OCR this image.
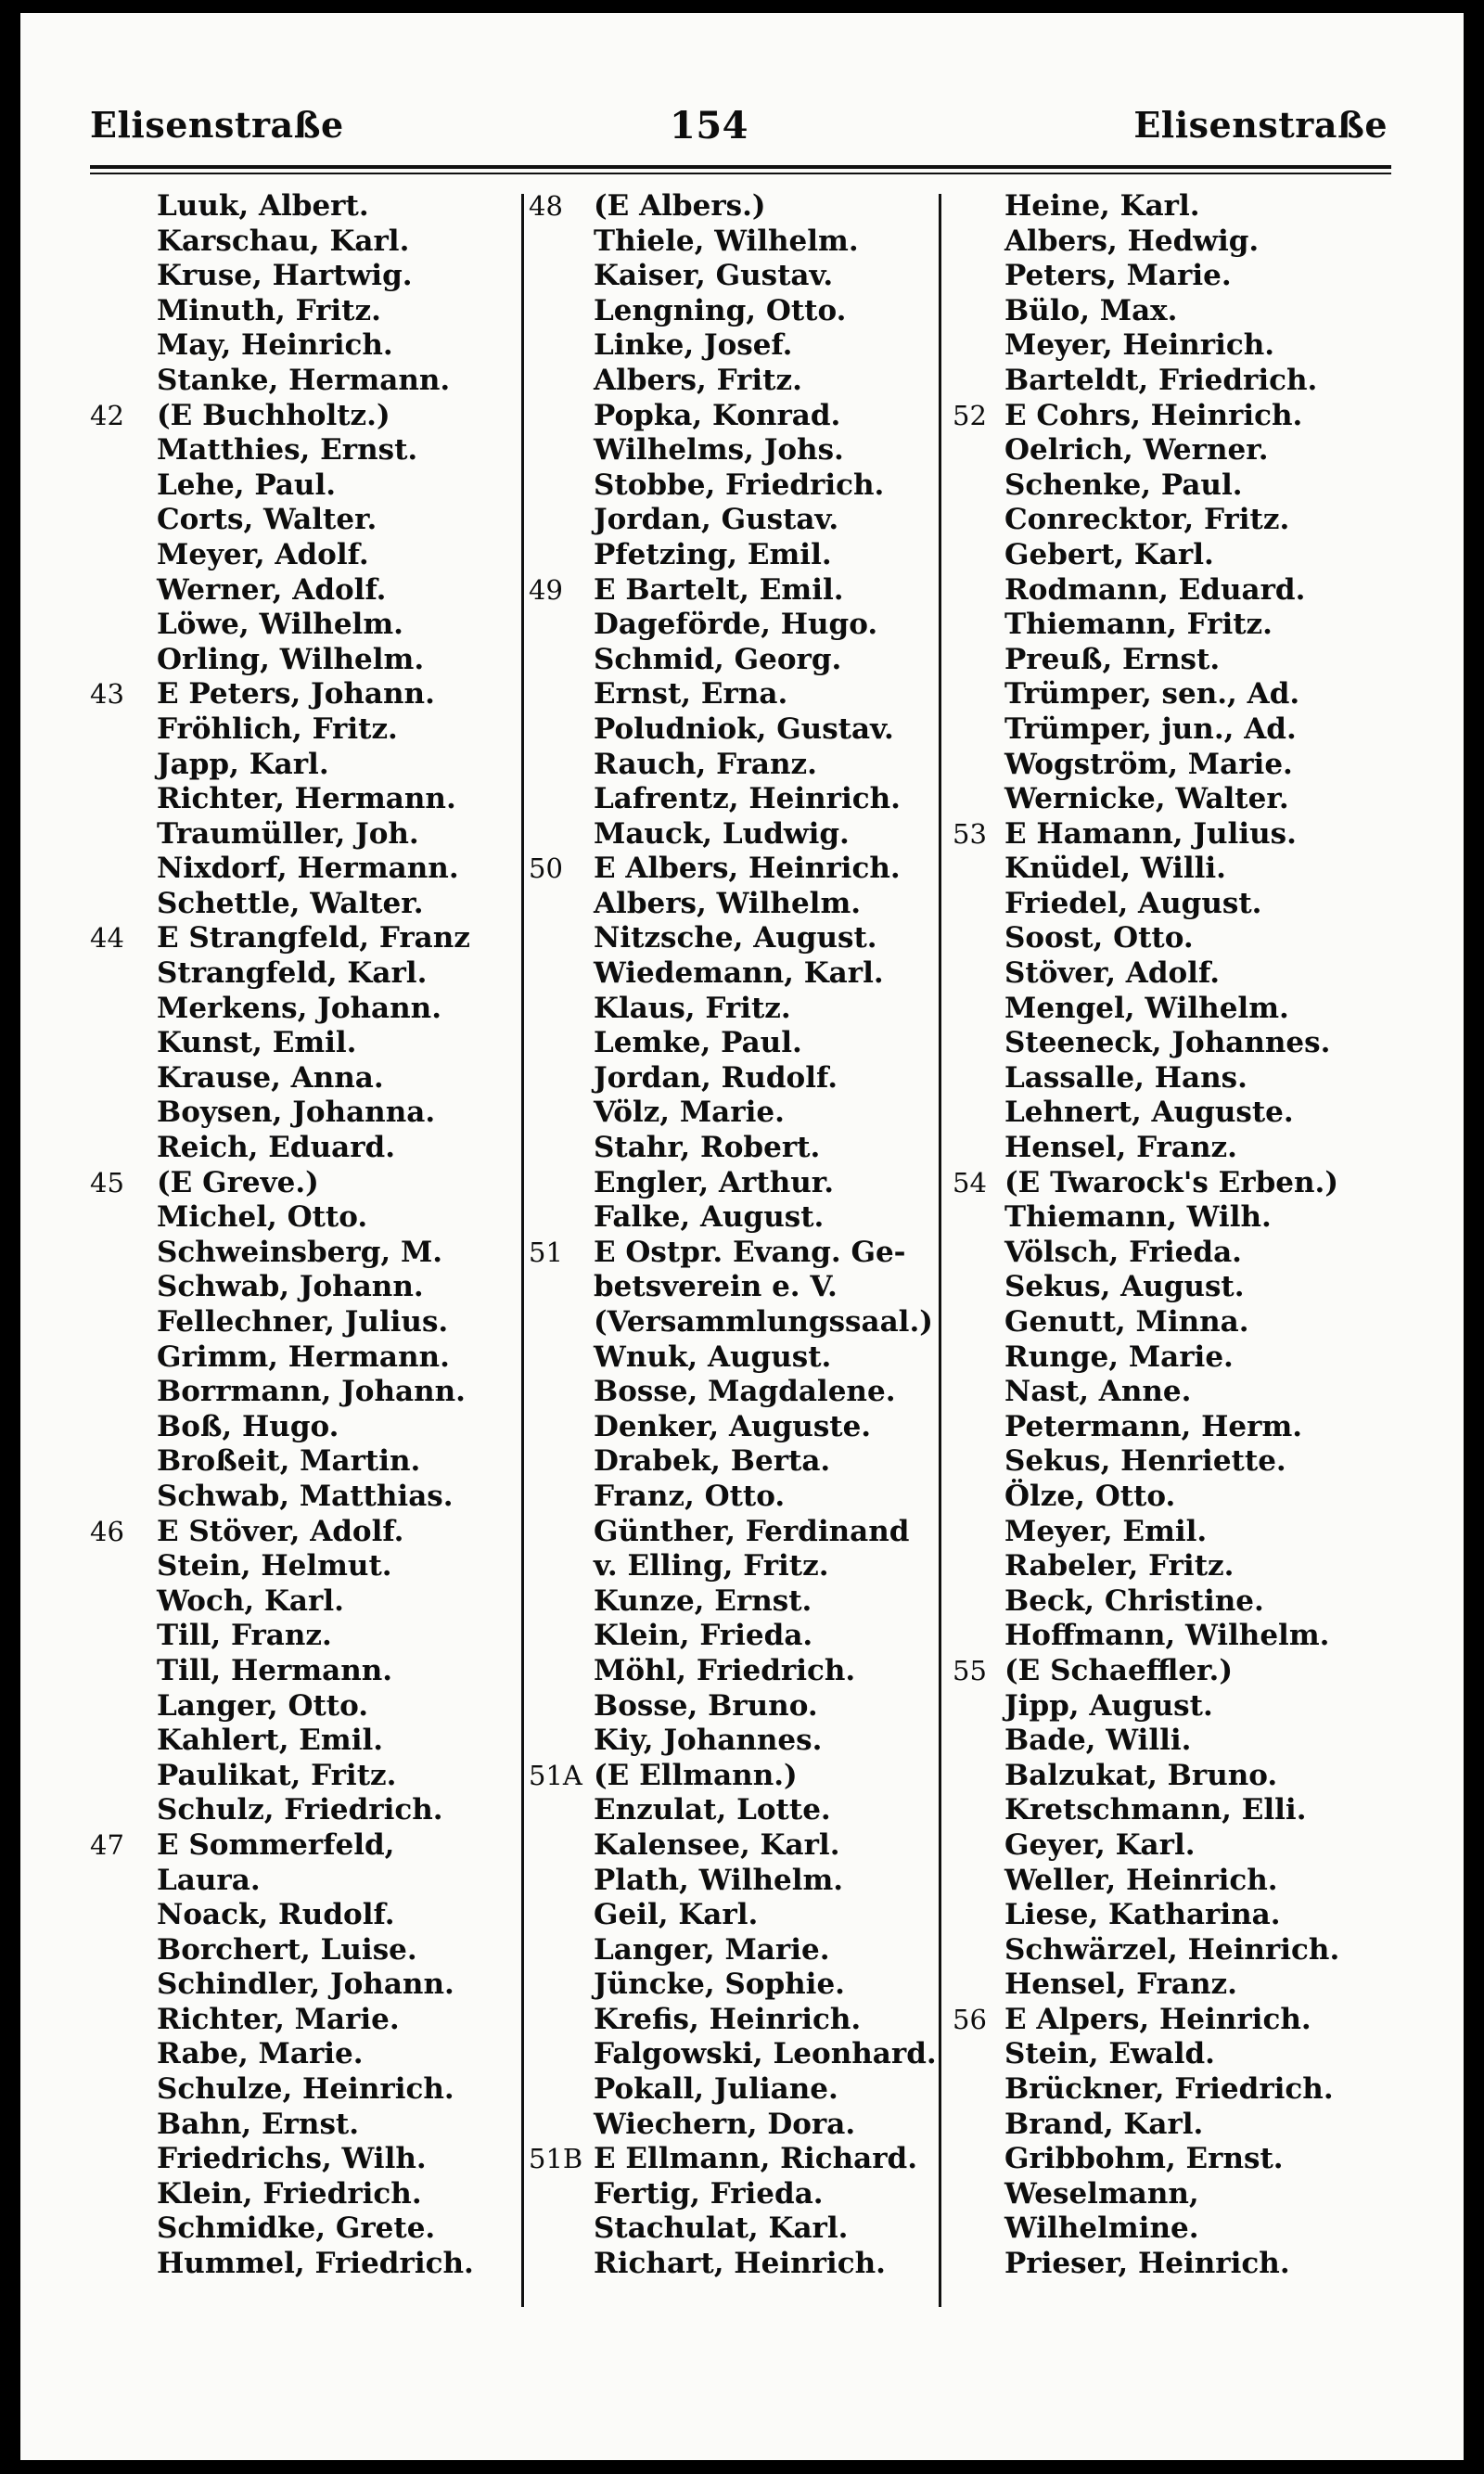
Elisenstraße	154	Elisenstraße
Luuk, Albert.
Karschau, Karl.
Kruse, Hartwig.
Minuth, Fritz.
May, Heinrich.
Stanke, Hermann.
42 (E Buchholtz.)
Matthies, Ernst.
Lehe, Paul.
Corts, Walter.
Meyer, Adolf.
Werner, Adolf.
Löwe, Wilhelm.
Orling, Wilhelm.
43 E Peters, Johann.
Fröhlich, Fritz.
Japp, Karl.
Richter, Hermann.
Traumüller, Joh.
Nixdorf, Hermann.
Schettle, Walter.
44 E Strangfeld, Franz
Strangfeld, Karl.
Merkens, Johann.
Kunst, Emil.
Krause, Anna.
Boysen, Johanna.
Reich, Eduard.
45 (E Greve.)
Michel, Otto.
Schweinsberg, M.
Schwab, Johann.
Fellechner, Julius.
Grimm, Hermann.
Borrmann, Johann.
Boß, Hugo.
Broßeit, Martin.
Schwab, Matthias.
46 E Stöver, Adolf.
Stein, Helmut.
Woch, Karl.
Till, Franz.
Till, Hermann.
Langer, Otto.
Kahlert, Emil.
Paulikat, Fritz.
Schulz, Friedrich.
47 E Sommerfeld,
Laura.
Noack, Rudolf.
Borchert, Luise.
Schindler, Johann.
Richter, Marie.
Rabe, Marie.
Schulze, Heinrich.
Bahn, Ernst.
Friedrichs, Wilh.
Klein, Friedrich.
Schmidke, Grete.
Hummel, Friedrich.
48 (E Albers.)
Thiele, Wilhelm.
Kaiser, Gustav.
Lengning, Otto.
Linke, Josef.
Albers, Fritz.
Popka, Konrad.
Wilhelms, Johs.
Stobbe, Friedrich.
Jordan, Gustav.
Pfetzing, Emil.
49 E Bartelt, Emil.
Dageförde, Hugo.
Schmid, Georg.
Ernst, Erna.
Poludniok, Gustav.
Rauch, Franz.
Lafrentz, Heinrich.
Mauck, Ludwig.
50 E Albers, Heinrich.
Albers, Wilhelm.
Nitzsche, August.
Wiedemann, Karl.
Klaus, Fritz.
Lemke, Paul.
Jordan, Rudolf.
Völz, Marie.
Stahr, Robert.
Engler, Arthur.
Falke, August.
51 E Ostpr. Evang. Ge-
betsverein e. V.
(Versammlungssaal.)
Wnuk, August.
Bosse, Magdalene.
Denker, Auguste.
Drabek, Berta.
Franz, Otto.
Günther, Ferdinand
v. Elling, Fritz.
Kunze, Ernst.
Klein, Frieda.
Möhl, Friedrich.
Bosse, Bruno.
Kiy, Johannes.
51A (E Ellmann.)
Enzulat, Lotte.
Kalensee, Karl.
Plath, Wilhelm.
Geil, Karl.
Langer, Marie.
Jüncke, Sophie.
Krefis, Heinrich.
Falgowski, Leonhard.
Pokall, Juliane.
Wiechern, Dora.
51B E Ellmann, Richard.
Fertig, Frieda.
Stachulat, Karl.
Richart, Heinrich.
Heine, Karl.
Albers, Hedwig.
Peters, Marie.
Bülo, Max.
Meyer, Heinrich.
Barteldt, Friedrich.
52 E Cohrs, Heinrich.
Oelrich, Werner.
Schenke, Paul.
Conrecktor, Fritz.
Gebert, Karl.
Rodmann, Eduard.
Thiemann, Fritz.
Preuß, Ernst.
Trümper, sen., Ad.
Trümper, jun., Ad.
Wogström, Marie.
Wernicke, Walter.
53 E Hamann, Julius.
Knüdel, Willi.
Friedel, August.
Soost, Otto.
Stöver, Adolf.
Mengel, Wilhelm.
Steeneck, Johannes.
Lassalle, Hans.
Lehnert, Auguste.
Hensel, Franz.
54 (E Twarock's Erben.)
Thiemann, Wilh.
Völsch, Frieda.
Sekus, August.
Genutt, Minna.
Runge, Marie.
Nast, Anne.
Petermann, Herm.
Sekus, Henriette.
Ölze, Otto.
Meyer, Emil.
Rabeler, Fritz.
Beck, Christine.
Hoffmann, Wilhelm.
55 (E Schaeffler.)
Jipp, August.
Bade, Willi.
Balzukat, Bruno.
Kretschmann, Elli.
Geyer, Karl.
Weller, Heinrich.
Liese, Katharina.
Schwärzel, Heinrich.
Hensel, Franz.
56 E Alpers, Heinrich.
Stein, Ewald.
Brückner, Friedrich.
Brand, Karl.
Gribbohm, Ernst.
Weselmann,
Wilhelmine.
Prieser, Heinrich.
